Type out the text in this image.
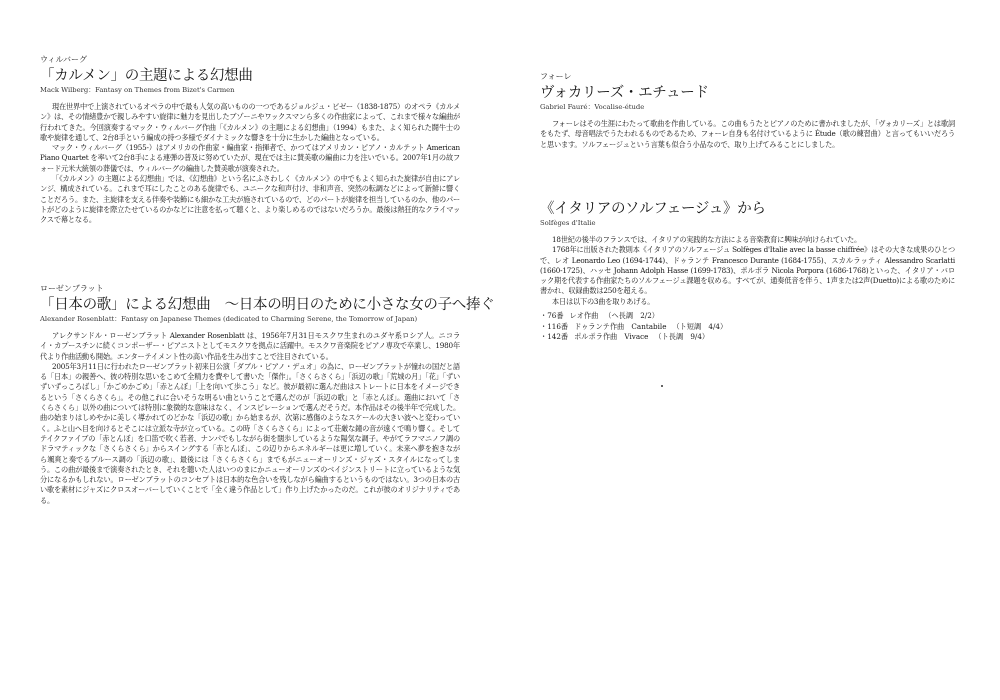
ウィルバーグ

「カルメン」の主題による幻想曲

Mack Wilberg：Fantasy on Themes from Bizet's Carmen

現在世界中で上演されているオペラの中で最も人気の高いものの一つであるジョルジュ・ビゼー（1838-1875）のオペラ《カルメン》は、その情緒豊かで親しみやすい旋律に魅力を見出したブゾーニやワックスマンら多くの作曲家によって、これまで様々な編曲が行われてきた。今回演奏するマック・ウィルバーグ作曲「《カルメン》の主題による幻想曲」（1994）もまた、よく知られた闘牛士の歌や旋律を通して、2台8手という編成の持つ多様でダイナミックな響きを十分に生かした編曲となっている。

マック・ウィルバーグ（1955-）はアメリカの作曲家・編曲家・指揮者で、かつてはアメリカン・ピアノ・カルテット American Piano Quartet を率いて2台8手による連弾の普及に努めていたが、現在では主に賛美歌の編曲に力を注いでいる。2007年1月の故フォード元米大統領の葬儀では、ウィルバーグの編曲した賛美歌が演奏された。

「《カルメン》の主題による幻想曲」では、《幻想曲》という名にふさわしく《カルメン》の中でもよく知られた旋律が自由にアレンジ、構成されている。これまで耳にしたことのある旋律でも、ユニークな和声付け、非和声音、突然の転調などによって新鮮に響くことだろう。また、主旋律を支える伴奏や装飾にも細かな工夫が施されているので、どのパートが旋律を担当しているのか、他のパートがどのように旋律を際立たせているのかなどに注意を払って聴くと、より楽しめるのではないだろうか。最後は熱狂的なクライマックスで幕となる。

ローゼンブラット

「日本の歌」による幻想曲　～日本の明日のために小さな女の子へ捧ぐ

Alexander Rosenblatt：Fantasy on Japanese Themes (dedicated to Charming Serene, the Tomorrow of Japan)

アレクサンドル・ローゼンブラット Alexander Rosenblatt は、1956年7月31日モスクワ生まれのユダヤ系ロシア人。ニコライ・カプースチンに続くコンポーザー・ピアニストとしてモスクワを拠点に活躍中。モスクワ音楽院をピアノ専攻で卒業し、1980年代より作曲活動も開始。エンターテイメント性の高い作品を生み出すことで注目されている。

2005年3月11日に行われたローゼンブラット初来日公演「ダブル・ピアノ・デュオ」の為に、ローゼンブラットが憧れの国だと語る「日本」の親善へ、彼の特別な思いをこめて全精力を費やして書いた「傑作」。「さくらさくら」「浜辺の歌」「荒城の月」「花」「ずいずいずっころばし」「かごめかごめ」「赤とんぼ」「上を向いて歩こう」など。彼が最初に選んだ曲はストレートに日本をイメージできるという「さくらさくら」。その他これに合いそうな明るい曲ということで選んだのが「浜辺の歌」と「赤とんぼ」。選曲において「さくらさくら」以外の曲については特別に象徴的な意味はなく、インスピレーションで選んだそうだ。本作品はその後半年で完成した。曲の始まりはしめやかに美しく導かれてのどかな「浜辺の歌」から始まるが、次第に感傷のようなスケールの大きい波へと変わっていく。ふと山へ目を向けるとそこには立派な寺が立っている。この時「さくらさくら」によって荘厳な鐘の音が遠くで鳴り響く。そしてテイクファイブの「赤とんぼ」を口笛で吹く若者、ナンパでもしながら街を闊歩しているような陽気な調子。やがてラフマニノフ調のドラマティックな「さくらさくら」からスイングする「赤とんぼ」、この辺りからエネルギーは更に増していく。未来へ夢を抱きながら颯爽と奏でるブルース調の「浜辺の歌」、最後には「さくらさくら」までもがニューオーリンズ・ジャズ・スタイルになってしまう。この曲が最後まで演奏されたとき、それを聴いた人はいつのまにかニューオーリンズのベイジンストリートに立っているような気分になるかもしれない。ローゼンブラットのコンセプトは日本的な色合いを残しながら編曲するというものではない。3つの日本の古い歌を素材にジャズにクロスオーバーしていくことで「全く違う作品として」作り上げたかったのだ。これが彼のオリジナリティである。

フォーレ

ヴォカリーズ・エチュード

Gabriel Fauré：Vocalise-étude

フォーレはその生涯にわたって歌曲を作曲している。この曲もうたとピアノのために書かれましたが、「ヴォカリーズ」とは歌詞をもたず、母音唱法でうたわれるものであるため、フォーレ自身も名付けているように Étude（歌の練習曲）と言ってもいいだろうと思います。ソルフェージュという言葉も似合う小品なので、取り上げてみることにしました。

《イタリアのソルフェージュ》から

Solfèges d'Italie

18世紀の後半のフランスでは、イタリアの実践的な方法による音楽教育に興味が向けられていた。

1768年に出版された教則本《イタリアのソルフェージュ Solfèges d'Italie avec la basse chiffrée》はその大きな成果のひとつで、レオ Leonardo Leo (1694-1744)、ドゥランテ Francesco Durante (1684-1755)、スカルラッティ Alessandro Scarlatti (1660-1725)、ハッセ Johann Adolph Hasse (1699-1783)、ポルポラ Nicola Porpora (1686-1768)といった、イタリア・バロック期を代表する作曲家たちのソルフェージュ課題を収める。すべてが、通奏低音を伴う、1声または2声(Duetto)による歌のために書かれ、収録曲数は250を超える。

本日は以下の3曲を取りあげる。

・76番 レオ作曲 （ヘ長調　2/2）
・116番 ドゥランテ作曲　Cantabile （ト短調　4/4）
・142番 ポルポラ作曲　Vivace （ト長調　9/4）
